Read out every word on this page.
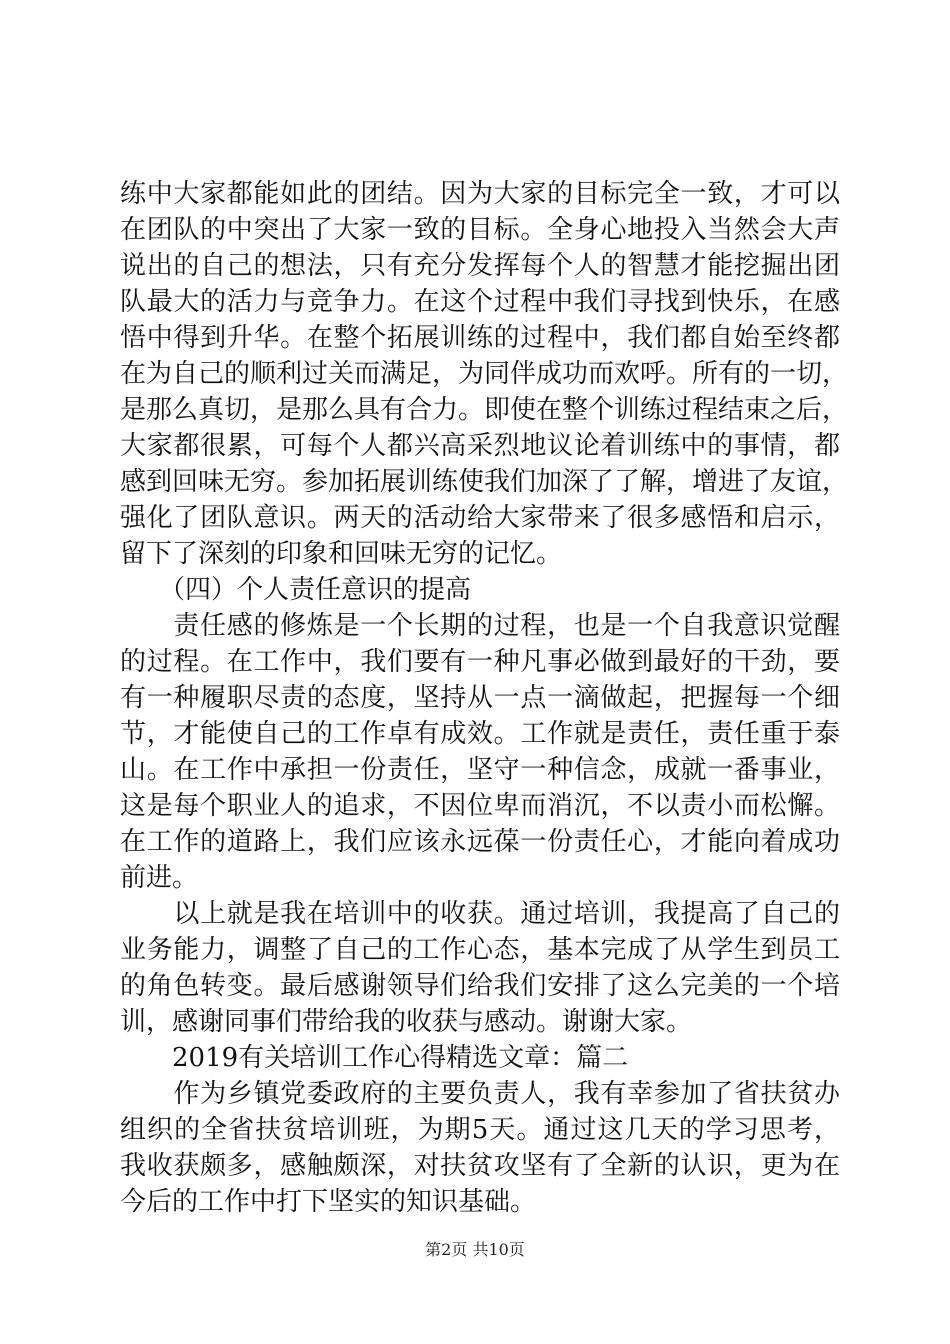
练中大家都能如此的团结。因为大家的目标完全一致，才可以
在团队的中突出了大家一致的目标。全身心地投入当然会大声
说出的自己的想法，只有充分发挥每个人的智慧才能挖掘出团
队最大的活力与竞争力。在这个过程中我们寻找到快乐，在感
悟中得到升华。在整个拓展训练的过程中，我们都自始至终都
在为自己的顺利过关而满足，为同伴成功而欢呼。所有的一切，
是那么真切，是那么具有合力。即使在整个训练过程结束之后，
大家都很累，可每个人都兴高采烈地议论着训练中的事情，都
感到回味无穷。参加拓展训练使我们加深了了解，增进了友谊，
强化了团队意识。两天的活动给大家带来了很多感悟和启示，
留下了深刻的印象和回味无穷的记忆。
　　（四）个人责任意识的提高
　　责任感的修炼是一个长期的过程，也是一个自我意识觉醒
的过程。在工作中，我们要有一种凡事必做到最好的干劲，要
有一种履职尽责的态度，坚持从一点一滴做起，把握每一个细
节，才能使自己的工作卓有成效。工作就是责任，责任重于泰
山。在工作中承担一份责任，坚守一种信念，成就一番事业，
这是每个职业人的追求，不因位卑而消沉，不以责小而松懈。
在工作的道路上，我们应该永远葆一份责任心，才能向着成功
前进。
　　以上就是我在培训中的收获。通过培训，我提高了自己的
业务能力，调整了自己的工作心态，基本完成了从学生到员工
的角色转变。最后感谢领导们给我们安排了这么完美的一个培
训，感谢同事们带给我的收获与感动。谢谢大家。
　　2019有关培训工作心得精选文章：篇二
　　作为乡镇党委政府的主要负责人，我有幸参加了省扶贫办
组织的全省扶贫培训班，为期5天。通过这几天的学习思考，
我收获颇多，感触颇深，对扶贫攻坚有了全新的认识，更为在
今后的工作中打下坚实的知识基础。
第2页 共10页
